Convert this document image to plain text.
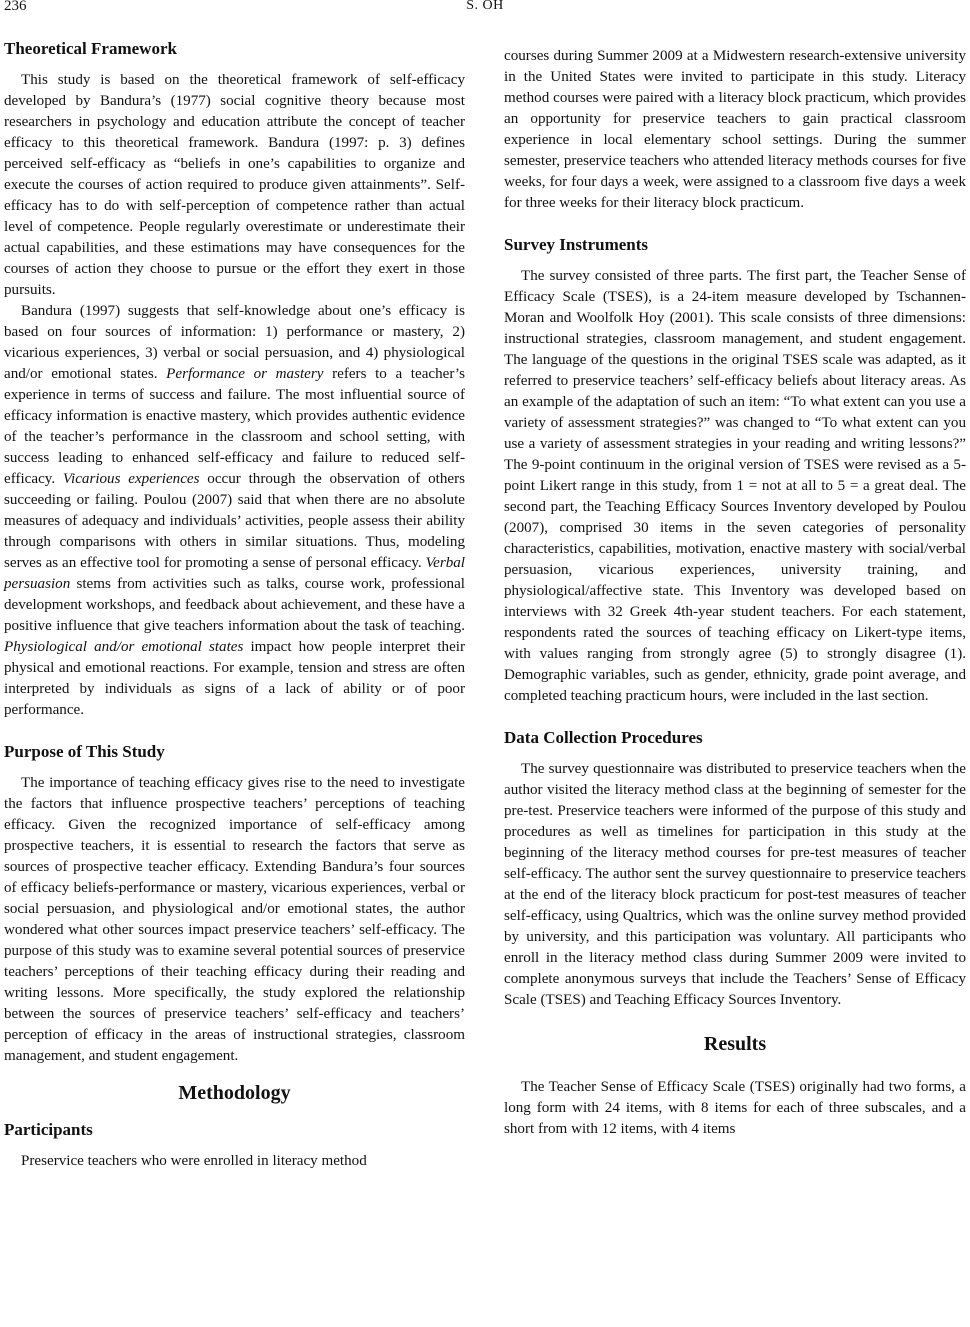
236	S. OH
Theoretical Framework

This study is based on the theoretical framework of self-efficacy developed by Bandura’s (1977) social cognitive theory because most researchers in psychology and education attribute the concept of teacher efficacy to this theoretical framework. Bandura (1997: p. 3) defines perceived self-efficacy as “beliefs in one’s capabilities to organize and execute the courses of action required to produce given attainments”. Self-efficacy has to do with self-perception of competence rather than actual level of competence. People regularly overestimate or underestimate their actual capabilities, and these estimations may have consequences for the courses of action they choose to pursue or the effort they exert in those pursuits.

Bandura (1997) suggests that self-knowledge about one’s efficacy is based on four sources of information: 1) performance or mastery, 2) vicarious experiences, 3) verbal or social persuasion, and 4) physiological and/or emotional states. Performance or mastery refers to a teacher’s experience in terms of success and failure. The most influential source of efficacy information is enactive mastery, which provides authentic evidence of the teacher’s performance in the classroom and school setting, with success leading to enhanced self-efficacy and failure to reduced self-efficacy. Vicarious experiences occur through the observation of others succeeding or failing. Poulou (2007) said that when there are no absolute measures of adequacy and individuals’ activities, people assess their ability through comparisons with others in similar situations. Thus, modeling serves as an effective tool for promoting a sense of personal efficacy. Verbal persuasion stems from activities such as talks, course work, professional development workshops, and feedback about achievement, and these have a positive influence that give teachers information about the task of teaching. Physiological and/or emotional states impact how people interpret their physical and emotional reactions. For example, tension and stress are often interpreted by individuals as signs of a lack of ability or of poor performance.

Purpose of This Study

The importance of teaching efficacy gives rise to the need to investigate the factors that influence prospective teachers’ perceptions of teaching efficacy. Given the recognized importance of self-efficacy among prospective teachers, it is essential to research the factors that serve as sources of prospective teacher efficacy. Extending Bandura’s four sources of efficacy beliefs-performance or mastery, vicarious experiences, verbal or social persuasion, and physiological and/or emotional states, the author wondered what other sources impact preservice teachers’ self-efficacy. The purpose of this study was to examine several potential sources of preservice teachers’ perceptions of their teaching efficacy during their reading and writing lessons. More specifically, the study explored the relationship between the sources of preservice teachers’ self-efficacy and teachers’ perception of efficacy in the areas of instructional strategies, classroom management, and student engagement.

Methodology
Participants

Preservice teachers who were enrolled in literacy method

courses during Summer 2009 at a Midwestern research-extensive university in the United States were invited to participate in this study. Literacy method courses were paired with a literacy block practicum, which provides an opportunity for preservice teachers to gain practical classroom experience in local elementary school settings. During the summer semester, preservice teachers who attended literacy methods courses for five weeks, for four days a week, were assigned to a classroom five days a week for three weeks for their literacy block practicum.

Survey Instruments

The survey consisted of three parts. The first part, the Teacher Sense of Efficacy Scale (TSES), is a 24-item measure developed by Tschannen-Moran and Woolfolk Hoy (2001). This scale consists of three dimensions: instructional strategies, classroom management, and student engagement. The language of the questions in the original TSES scale was adapted, as it referred to preservice teachers’ self-efficacy beliefs about literacy areas. As an example of the adaptation of such an item: “To what extent can you use a variety of assessment strategies?” was changed to “To what extent can you use a variety of assessment strategies in your reading and writing lessons?” The 9-point continuum in the original version of TSES were revised as a 5-point Likert range in this study, from 1 = not at all to 5 = a great deal. The second part, the Teaching Efficacy Sources Inventory developed by Poulou (2007), comprised 30 items in the seven categories of personality characteristics, capabilities, motivation, enactive mastery with social/verbal persuasion, vicarious experiences, university training, and physiological/affective state. This Inventory was developed based on interviews with 32 Greek 4th-year student teachers. For each statement, respondents rated the sources of teaching efficacy on Likert-type items, with values ranging from strongly agree (5) to strongly disagree (1). Demographic variables, such as gender, ethnicity, grade point average, and completed teaching practicum hours, were included in the last section.

Data Collection Procedures

The survey questionnaire was distributed to preservice teachers when the author visited the literacy method class at the beginning of semester for the pre-test. Preservice teachers were informed of the purpose of this study and procedures as well as timelines for participation in this study at the beginning of the literacy method courses for pre-test measures of teacher self-efficacy. The author sent the survey questionnaire to preservice teachers at the end of the literacy block practicum for post-test measures of teacher self-efficacy, using Qualtrics, which was the online survey method provided by university, and this participation was voluntary. All participants who enroll in the literacy method class during Summer 2009 were invited to complete anonymous surveys that include the Teachers’ Sense of Efficacy Scale (TSES) and Teaching Efficacy Sources Inventory.

Results

The Teacher Sense of Efficacy Scale (TSES) originally had two forms, a long form with 24 items, with 8 items for each of three subscales, and a short from with 12 items, with 4 items
